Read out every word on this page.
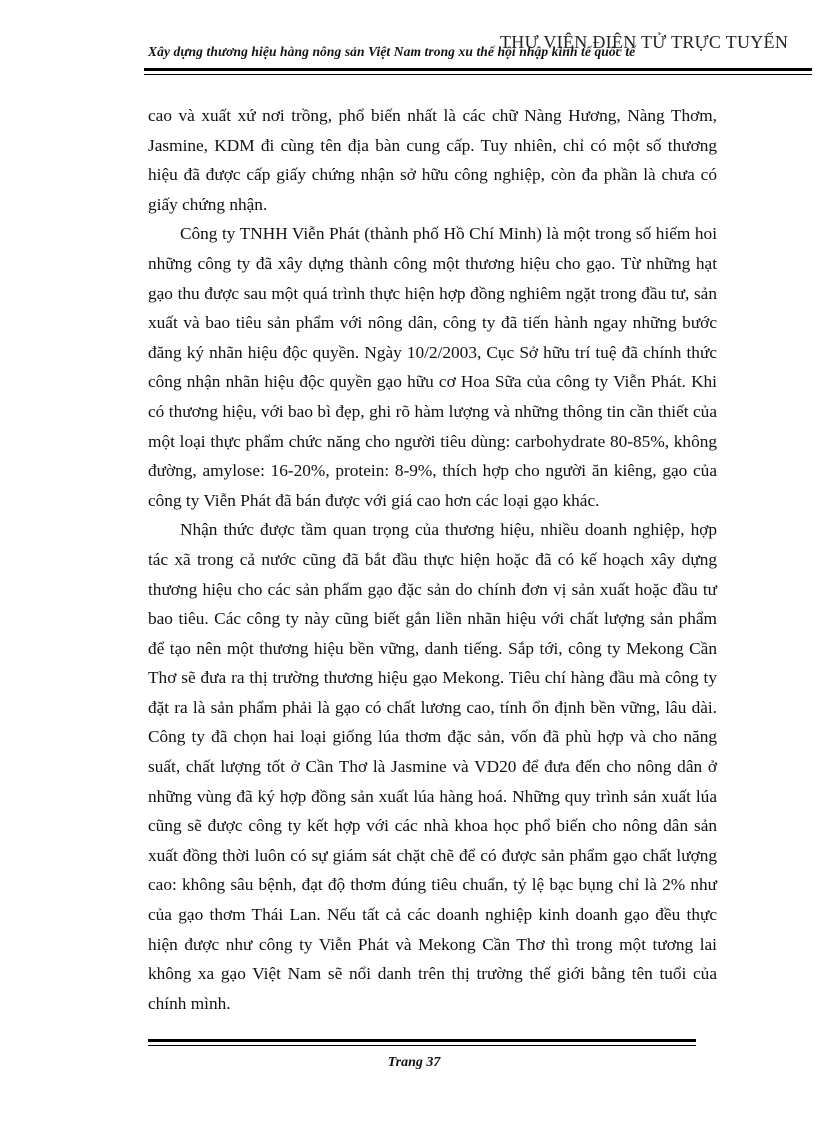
Xây dựng thương hiệu hàng nông sản Việt Nam trong xu thế hội nhập kinh tế quốc tế
THƯ VIỆN ĐIỆN TỬ TRỰC TUYẾN

cao và xuất xứ nơi trồng, phổ biến nhất là các chữ Nàng Hương, Nàng Thơm, Jasmine, KDM đi cùng tên địa bàn cung cấp. Tuy nhiên, chỉ có một số thương hiệu đã được cấp giấy chứng nhận sở hữu công nghiệp, còn đa phần là chưa có giấy chứng nhận.

Công ty TNHH Viễn Phát (thành phố Hồ Chí Minh) là một trong số hiếm hoi những công ty đã xây dựng thành công một thương hiệu cho gạo. Từ những hạt gạo thu được sau một quá trình thực hiện hợp đồng nghiêm ngặt trong đầu tư, sản xuất và bao tiêu sản phẩm với nông dân, công ty đã tiến hành ngay những bước đăng ký nhãn hiệu độc quyền. Ngày 10/2/2003, Cục Sở hữu trí tuệ đã chính thức công nhận nhãn hiệu độc quyền gạo hữu cơ Hoa Sữa của công ty Viễn Phát. Khi có thương hiệu, với bao bì đẹp, ghi rõ hàm lượng và những thông tin cần thiết của một loại thực phẩm chức năng cho người tiêu dùng: carbohydrate 80-85%, không đường, amylose: 16-20%, protein: 8-9%, thích hợp cho người ăn kiêng, gạo của công ty Viễn Phát đã bán được với giá cao hơn các loại gạo khác.

Nhận thức được tầm quan trọng của thương hiệu, nhiều doanh nghiệp, hợp tác xã trong cả nước cũng đã bắt đầu thực hiện hoặc đã có kế hoạch xây dựng thương hiệu cho các sản phẩm gạo đặc sản do chính đơn vị sản xuất hoặc đầu tư bao tiêu. Các công ty này cũng biết gắn liền nhãn hiệu với chất lượng sản phẩm để tạo nên một thương hiệu bền vững, danh tiếng. Sắp tới, công ty Mekong Cần Thơ sẽ đưa ra thị trường thương hiệu gạo Mekong. Tiêu chí hàng đầu mà công ty đặt ra là sản phẩm phải là gạo có chất lương cao, tính ổn định bền vững, lâu dài. Công ty đã chọn hai loại giống lúa thơm đặc sản, vốn đã phù hợp và cho năng suất, chất lượng tốt ở Cần Thơ là Jasmine và VD20 để đưa đến cho nông dân ở những vùng đã ký hợp đồng sản xuất lúa hàng hoá. Những quy trình sản xuất lúa cũng sẽ được công ty kết hợp với các nhà khoa học phổ biến cho nông dân sản xuất đồng thời luôn có sự giám sát chặt chẽ để có được sản phẩm gạo chất lượng cao: không sâu bệnh, đạt độ thơm đúng tiêu chuẩn, tỷ lệ bạc bụng chỉ là 2% như của gạo thơm Thái Lan. Nếu tất cả các doanh nghiệp kinh doanh gạo đều thực hiện được như công ty Viễn Phát và Mekong Cần Thơ thì trong một tương lai không xa gạo Việt Nam sẽ nổi danh trên thị trường thế giới bằng tên tuổi của chính mình.

Trang 37
